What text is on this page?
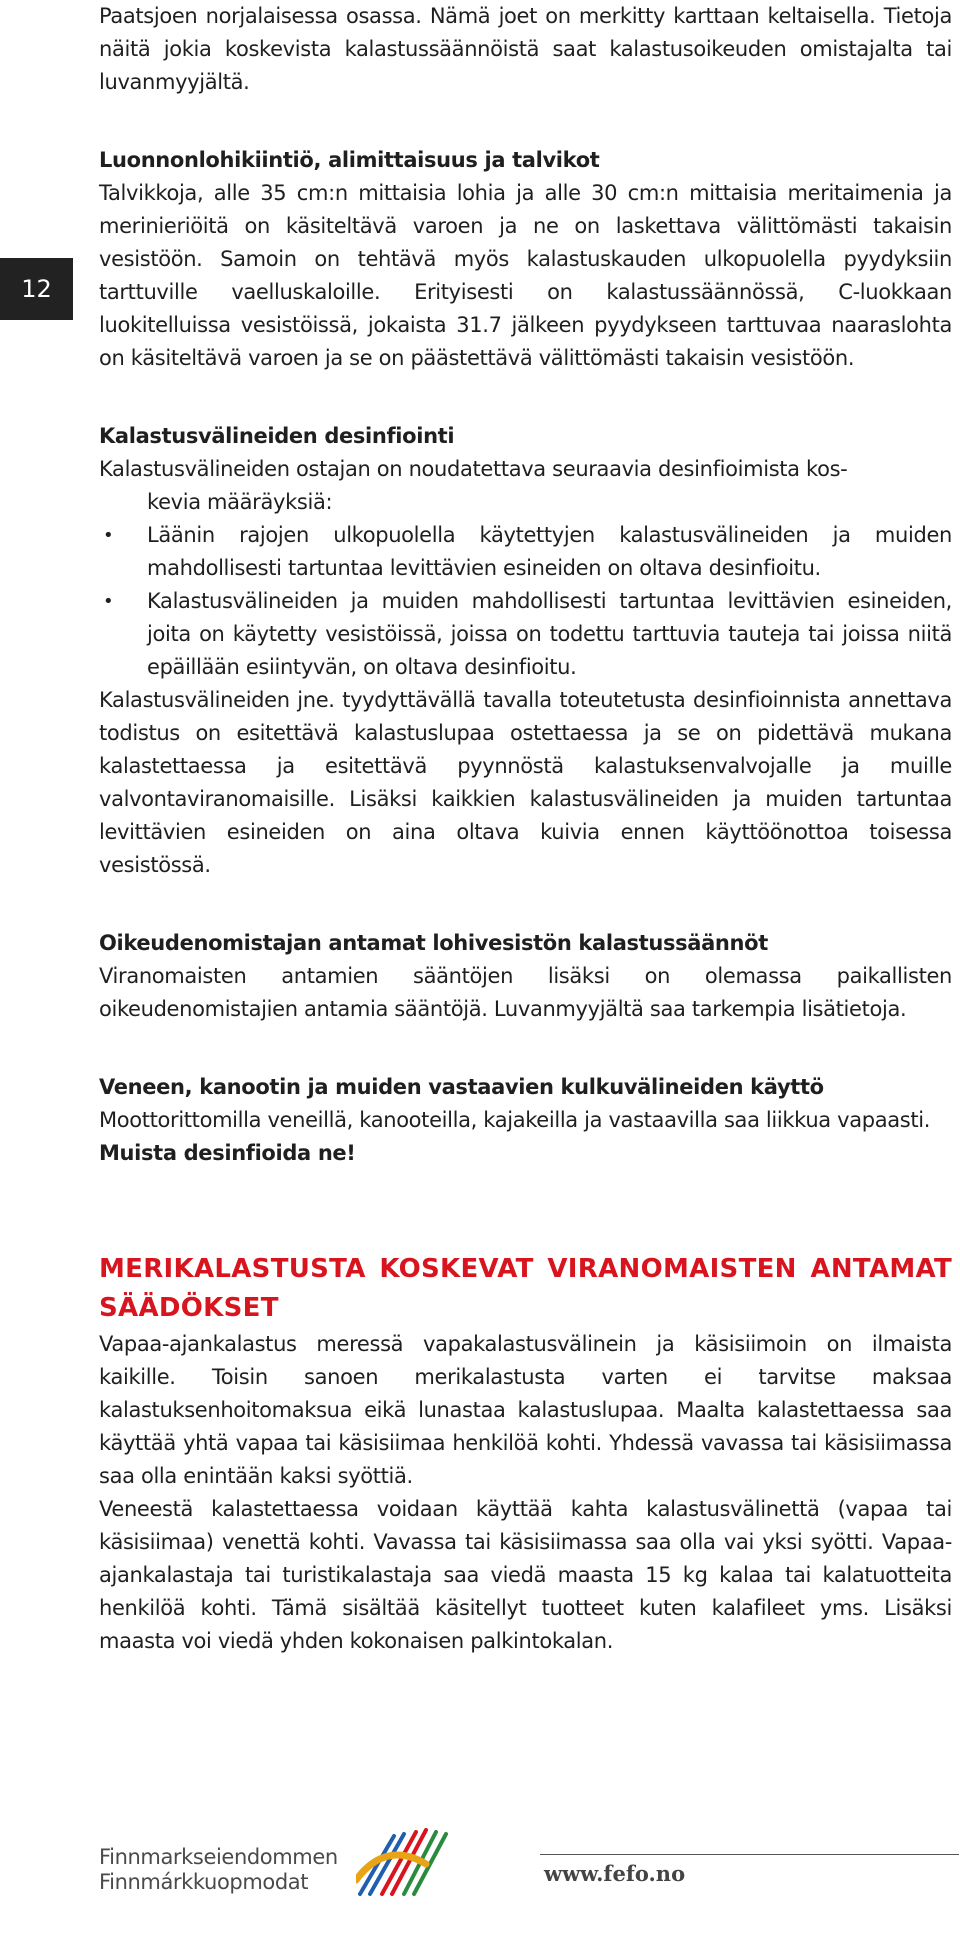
12

Paatsjoen norjalaisessa osassa. Nämä joet on merkitty karttaan keltaisella. Tietoja näitä jokia koskevista kalastussäännöistä saat kalastusoikeuden omistajalta tai luvanmyyjältä.

Luonnonlohikiintiö, alimittaisuus ja talvikot

Talvikkoja, alle 35 cm:n mittaisia lohia ja alle 30 cm:n mittaisia meritaimenia ja merinieriöitä on käsiteltävä varoen ja ne on laskettava välittömästi takaisin vesistöön. Samoin on tehtävä myös kalastuskauden ulkopuolella pyydyksiin tarttuville vaelluskaloille. Erityisesti on kalastussäännössä, C-luokkaan luokitelluissa vesistöissä, jokaista 31.7 jälkeen pyydykseen tarttuvaa naaraslohta on käsiteltävä varoen ja se on päästettävä välittömästi takaisin vesistöön.

Kalastusvälineiden desinfiointi

Kalastusvälineiden ostajan on noudatettava seuraavia desinfioimista kos-

kevia määräyksiä:

• Läänin rajojen ulkopuolella käytettyjen kalastusvälineiden ja muiden mahdollisesti tartuntaa levittävien esineiden on oltava desinfioitu.
• Kalastusvälineiden ja muiden mahdollisesti tartuntaa levittävien esineiden, joita on käytetty vesistöissä, joissa on todettu tarttuvia tauteja tai joissa niitä epäillään esiintyvän, on oltava desinfioitu.

Kalastusvälineiden jne. tyydyttävällä tavalla toteutetusta desinfioinnista annettava todistus on esitettävä kalastuslupaa ostettaessa ja se on pidettävä mukana kalastettaessa ja esitettävä pyynnöstä kalastuksenvalvojalle ja muille valvontaviranomaisille. Lisäksi kaikkien kalastusvälineiden ja muiden tartuntaa levittävien esineiden on aina oltava kuivia ennen käyttöönottoa toisessa vesistössä.

Oikeudenomistajan antamat lohivesistön kalastussäännöt

Viranomaisten antamien sääntöjen lisäksi on olemassa paikallisten oikeudenomistajien antamia sääntöjä. Luvanmyyjältä saa tarkempia lisätietoja.

Veneen, kanootin ja muiden vastaavien kulkuvälineiden käyttö

Moottorittomilla veneillä, kanooteilla, kajakeilla ja vastaavilla saa liikkua vapaasti.

Muista desinfioida ne!

MERIKALASTUSTA KOSKEVAT VIRANOMAISTEN ANTAMAT SÄÄDÖKSET

Vapaa-ajankalastus meressä vapakalastusvälinein ja käsisiimoin on ilmaista kaikille. Toisin sanoen merikalastusta varten ei tarvitse maksaa kalastuksenhoitomaksua eikä lunastaa kalastuslupaa. Maalta kalastettaessa saa käyttää yhtä vapaa tai käsisiimaa henkilöä kohti. Yhdessä vavassa tai käsisiimassa saa olla enintään kaksi syöttiä.

Veneestä kalastettaessa voidaan käyttää kahta kalastusvälinettä (vapaa tai käsisiimaa) venettä kohti. Vavassa tai käsisiimassa saa olla vai yksi syötti. Vapaa-ajankalastaja tai turistikalastaja saa viedä maasta 15 kg kalaa tai kalatuotteita henkilöä kohti. Tämä sisältää käsitellyt tuotteet kuten kalafileet yms. Lisäksi maasta voi viedä yhden kokonaisen palkintokalan.

Finnmarkseiendommen
Finnmárkkuopmodat	www.fefo.no
